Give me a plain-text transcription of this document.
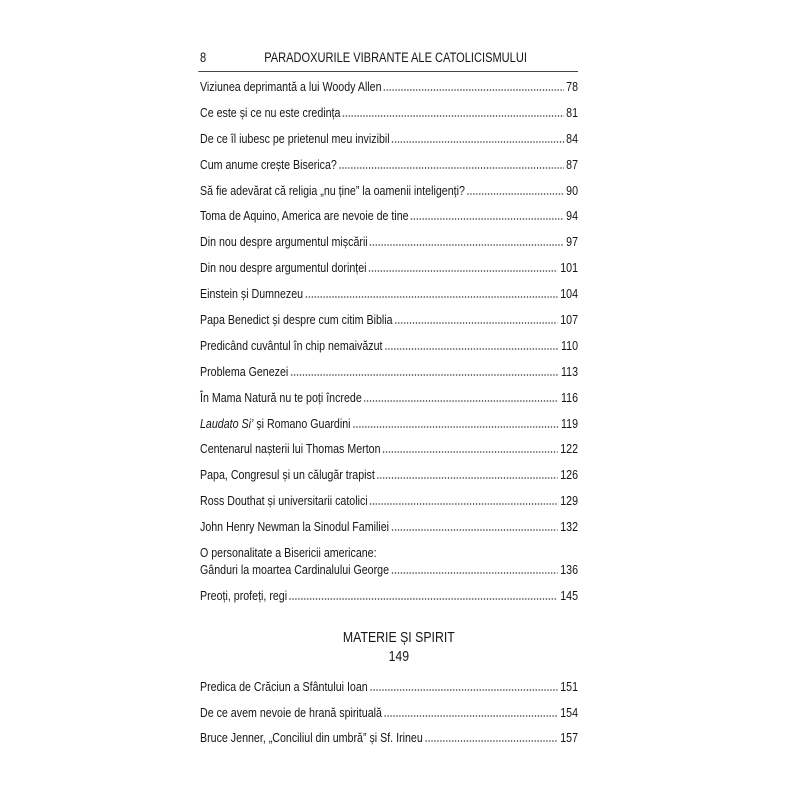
8	PARADOXURILE VIBRANTE ALE CATOLICISMULUI
Viziunea deprimantă a lui Woody Allen	78
Ce este și ce nu este credința	81
De ce îl iubesc pe prietenul meu invizibil	84
Cum anume crește Biserica?	87
Să fie adevărat că religia „nu ține” la oamenii inteligenți?	90
Toma de Aquino, America are nevoie de tine	94
Din nou despre argumentul mișcării	97
Din nou despre argumentul dorinței	101
Einstein și Dumnezeu	104
Papa Benedict și despre cum citim Biblia	107
Predicând cuvântul în chip nemaivăzut	110
Problema Genezei	113
În Mama Natură nu te poți încrede	116
Laudato Si’ și Romano Guardini	119
Centenarul nașterii lui Thomas Merton	122
Papa, Congresul și un călugăr trapist	126
Ross Douthat și universitarii catolici	129
John Henry Newman la Sinodul Familiei	132
O personalitate a Bisericii americane:
Gânduri la moartea Cardinalului George	136
Preoți, profeți, regi	145
MATERIE ȘI SPIRIT
149
Predica de Crăciun a Sfântului Ioan	151
De ce avem nevoie de hrană spirituală	154
Bruce Jenner, „Conciliul din umbră” și Sf. Irineu	157
